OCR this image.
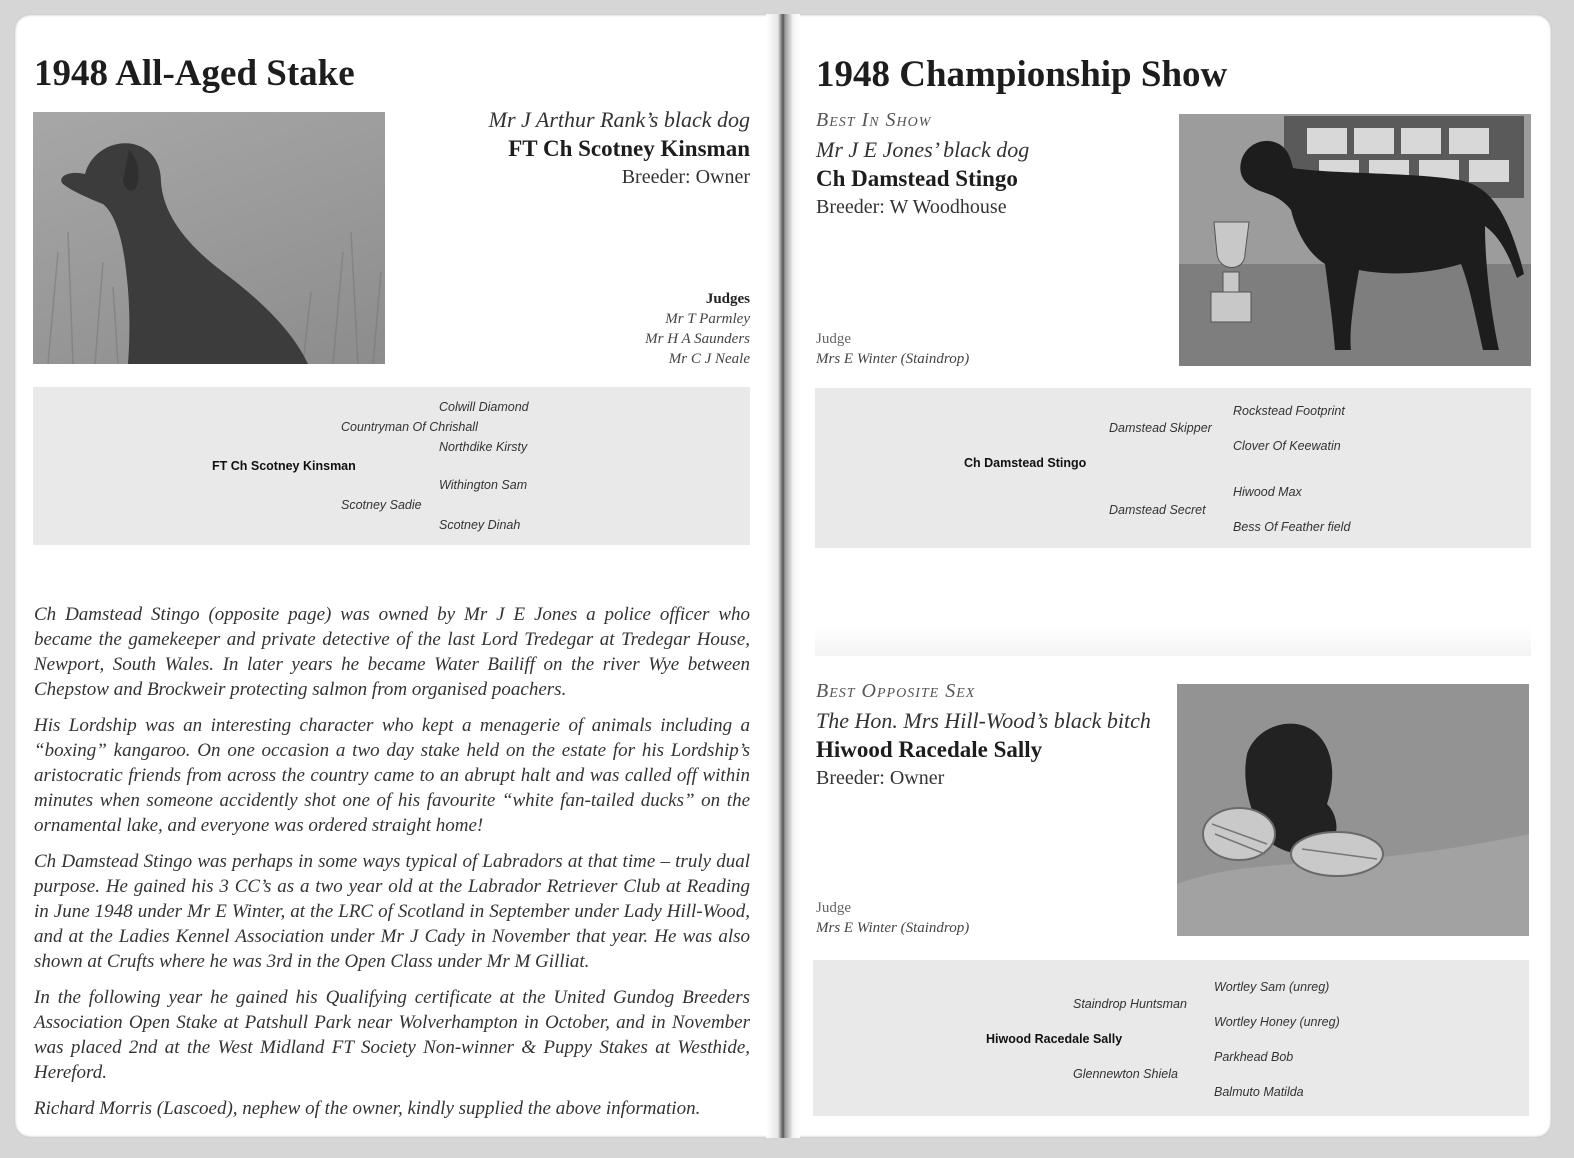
1948 All-Aged Stake
Mr J Arthur Rank’s black dog
FT Ch Scotney Kinsman
Breeder: Owner
Judges
Mr T Parmley
Mr H A Saunders
Mr C J Neale
Colwill Diamond
Countryman Of Chrishall
Northdike Kirsty
FT Ch Scotney Kinsman
Withington Sam
Scotney Sadie
Scotney Dinah

Ch Damstead Stingo (opposite page) was owned by Mr J E Jones a police officer who became the gamekeeper and private detective of the last Lord Tredegar at Tredegar House, Newport, South Wales. In later years he became Water Bailiff on the river Wye between Chepstow and Brockweir protecting salmon from organised poachers.

His Lordship was an interesting character who kept a menagerie of animals including a “boxing” kangaroo. On one occasion a two day stake held on the estate for his Lordship’s aristocratic friends from across the country came to an abrupt halt and was called off within minutes when someone accidently shot one of his favourite “white fan-tailed ducks” on the ornamental lake, and everyone was ordered straight home!

Ch Damstead Stingo was perhaps in some ways typical of Labradors at that time – truly dual purpose. He gained his 3 CC’s as a two year old at the Labrador Retriever Club at Reading in June 1948 under Mr E Winter, at the LRC of Scotland in September under Lady Hill-Wood, and at the Ladies Kennel Association under Mr J Cady in November that year. He was also shown at Crufts where he was 3rd in the Open Class under Mr M Gilliat.

In the following year he gained his Qualifying certificate at the United Gundog Breeders Association Open Stake at Patshull Park near Wolverhampton in October, and in November was placed 2nd at the West Midland FT Society Non-winner & Puppy Stakes at Westhide, Hereford.

Richard Morris (Lascoed), nephew of the owner, kindly supplied the above information.

1948 Championship Show
Best In Show
Mr J E Jones’ black dog
Ch Damstead Stingo
Breeder: W Woodhouse
Judge
Mrs E Winter (Staindrop)
Rockstead Footprint
Damstead Skipper
Clover Of Keewatin
Ch Damstead Stingo
Hiwood Max
Damstead Secret
Bess Of Feather field
Best Opposite Sex
The Hon. Mrs Hill-Wood’s black bitch
Hiwood Racedale Sally
Breeder: Owner
Judge
Mrs E Winter (Staindrop)
Wortley Sam (unreg)
Staindrop Huntsman
Wortley Honey (unreg)
Hiwood Racedale Sally
Parkhead Bob
Glennewton Shiela
Balmuto Matilda
